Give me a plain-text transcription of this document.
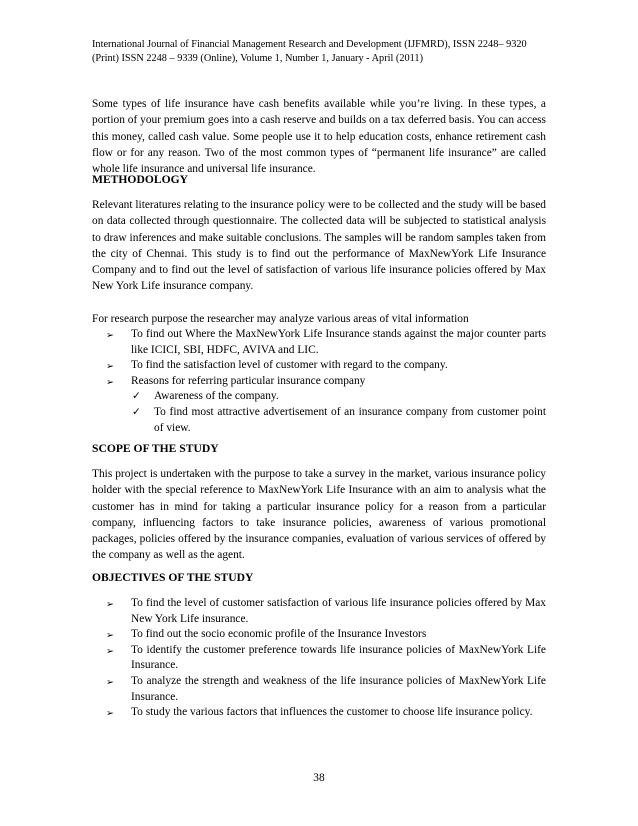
International Journal of Financial Management Research and Development (IJFMRD), ISSN 2248– 9320
(Print) ISSN 2248 – 9339 (Online), Volume 1, Number 1, January - April (2011)

Some types of life insurance have cash benefits available while you’re living. In these types, a portion of your premium goes into a cash reserve and builds on a tax deferred basis. You can access this money, called cash value. Some people use it to help education costs, enhance retirement cash flow or for any reason. Two of the most common types of “permanent life insurance” are called whole life insurance and universal life insurance.

METHODOLOGY

Relevant literatures relating to the insurance policy were to be collected and the study will be based on data collected through questionnaire. The collected data will be subjected to statistical analysis to draw inferences and make suitable conclusions. The samples will be random samples taken from the city of Chennai. This study is to find out the performance of MaxNewYork Life Insurance Company and to find out the level of satisfaction of various life insurance policies offered by Max New York Life insurance company.

For research purpose the researcher may analyze various areas of vital information

➢ To find out Where the MaxNewYork Life Insurance stands against the major counter parts like ICICI, SBI, HDFC, AVIVA and LIC.
➢ To find the satisfaction level of customer with regard to the company.
➢ Reasons for referring particular insurance company
✓ Awareness of the company.
✓ To find most attractive advertisement of an insurance company from customer point of view.
SCOPE OF THE STUDY

This project is undertaken with the purpose to take a survey in the market, various insurance policy holder with the special reference to MaxNewYork Life Insurance with an aim to analysis what the customer has in mind for taking a particular insurance policy for a reason from a particular company, influencing factors to take insurance policies, awareness of various promotional packages, policies offered by the insurance companies, evaluation of various services of offered by the company as well as the agent.

OBJECTIVES OF THE STUDY
➢ To find the level of customer satisfaction of various life insurance policies offered by Max New York Life insurance.
➢ To find out the socio economic profile of the Insurance Investors
➢ To identify the customer preference towards life insurance policies of MaxNewYork Life Insurance.
➢ To analyze the strength and weakness of the life insurance policies of MaxNewYork Life Insurance.
➢ To study the various factors that influences the customer to choose life insurance policy.
38
